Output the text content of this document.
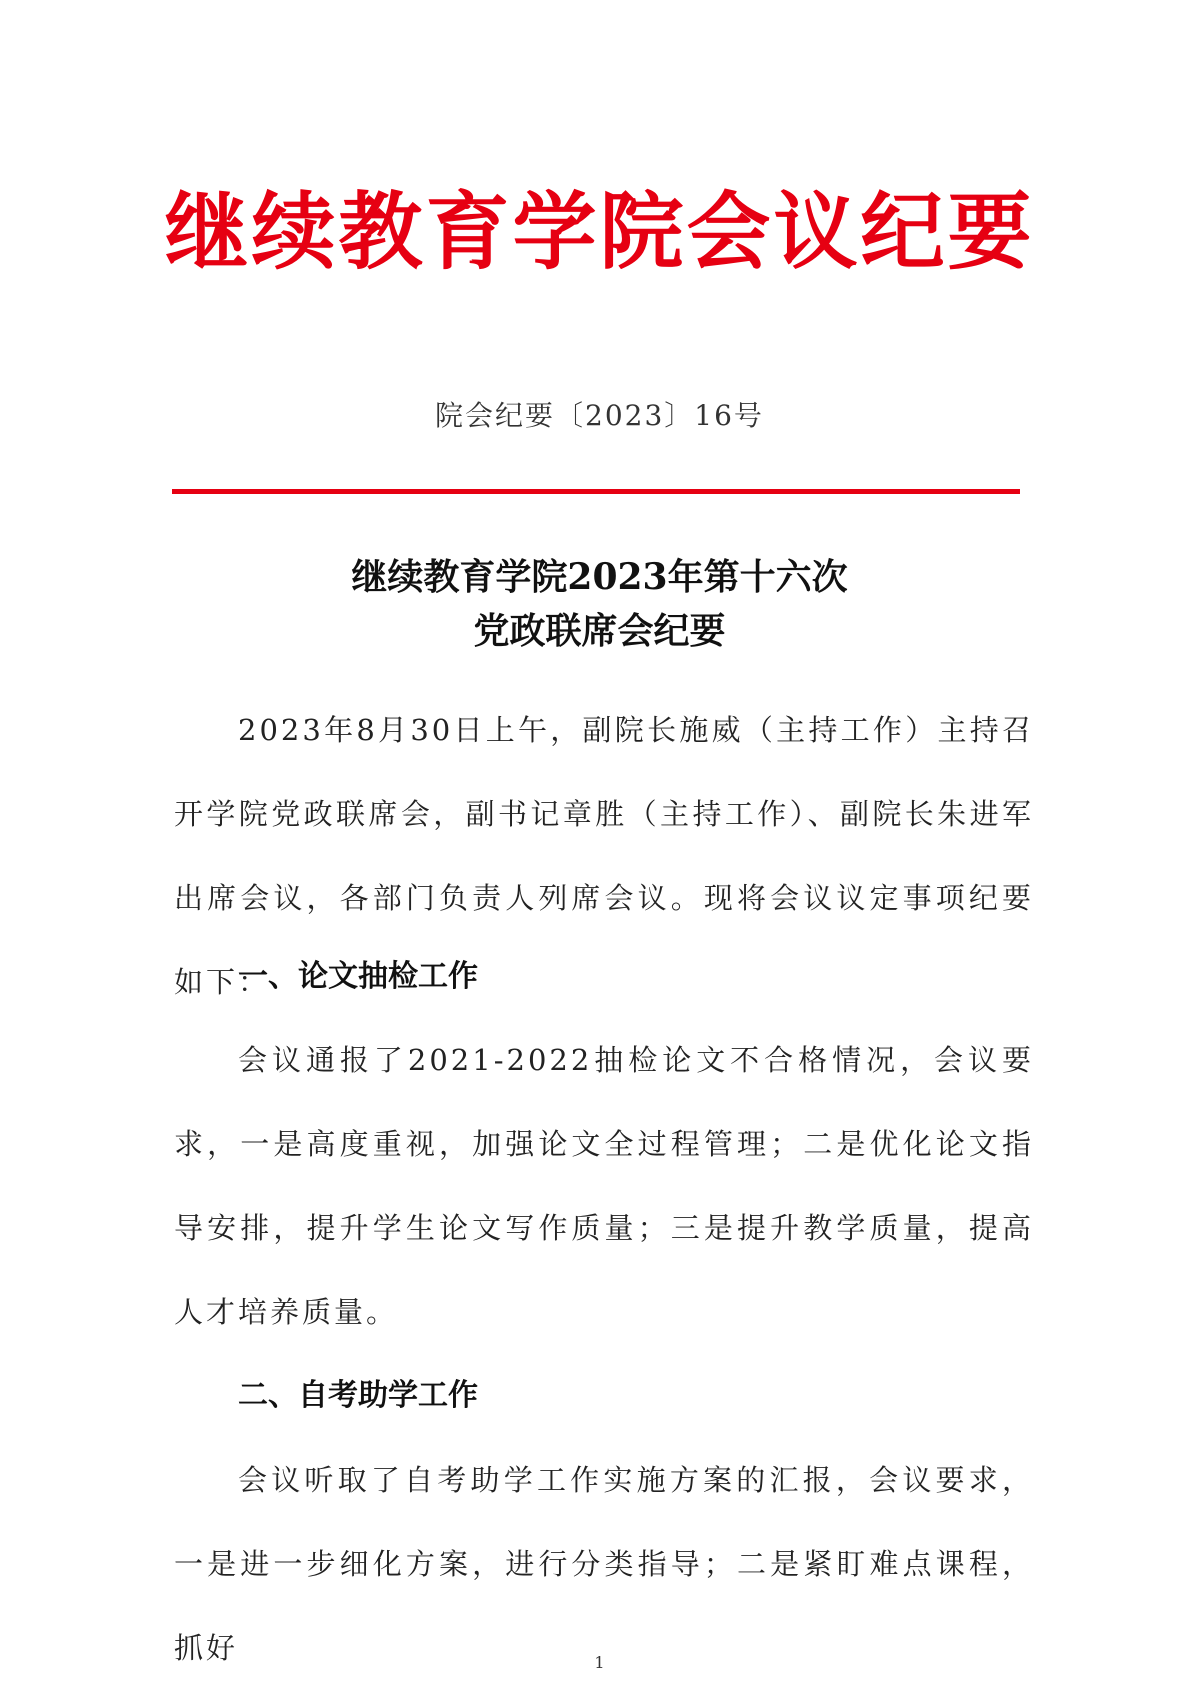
继续教育学院会议纪要
院会纪要〔2023〕16号
继续教育学院2023年第十六次
党政联席会纪要
2023年8月30日上午，副院长施威（主持工作）主持召开学院党政联席会，副书记章胜（主持工作）、副院长朱进军出席会议，各部门负责人列席会议。现将会议议定事项纪要如下：
一、论文抽检工作
会议通报了2021-2022抽检论文不合格情况，会议要求，一是高度重视，加强论文全过程管理；二是优化论文指导安排，提升学生论文写作质量；三是提升教学质量，提高人才培养质量。
二、自考助学工作
会议听取了自考助学工作实施方案的汇报，会议要求，一是进一步细化方案，进行分类指导；二是紧盯难点课程，抓好	1
